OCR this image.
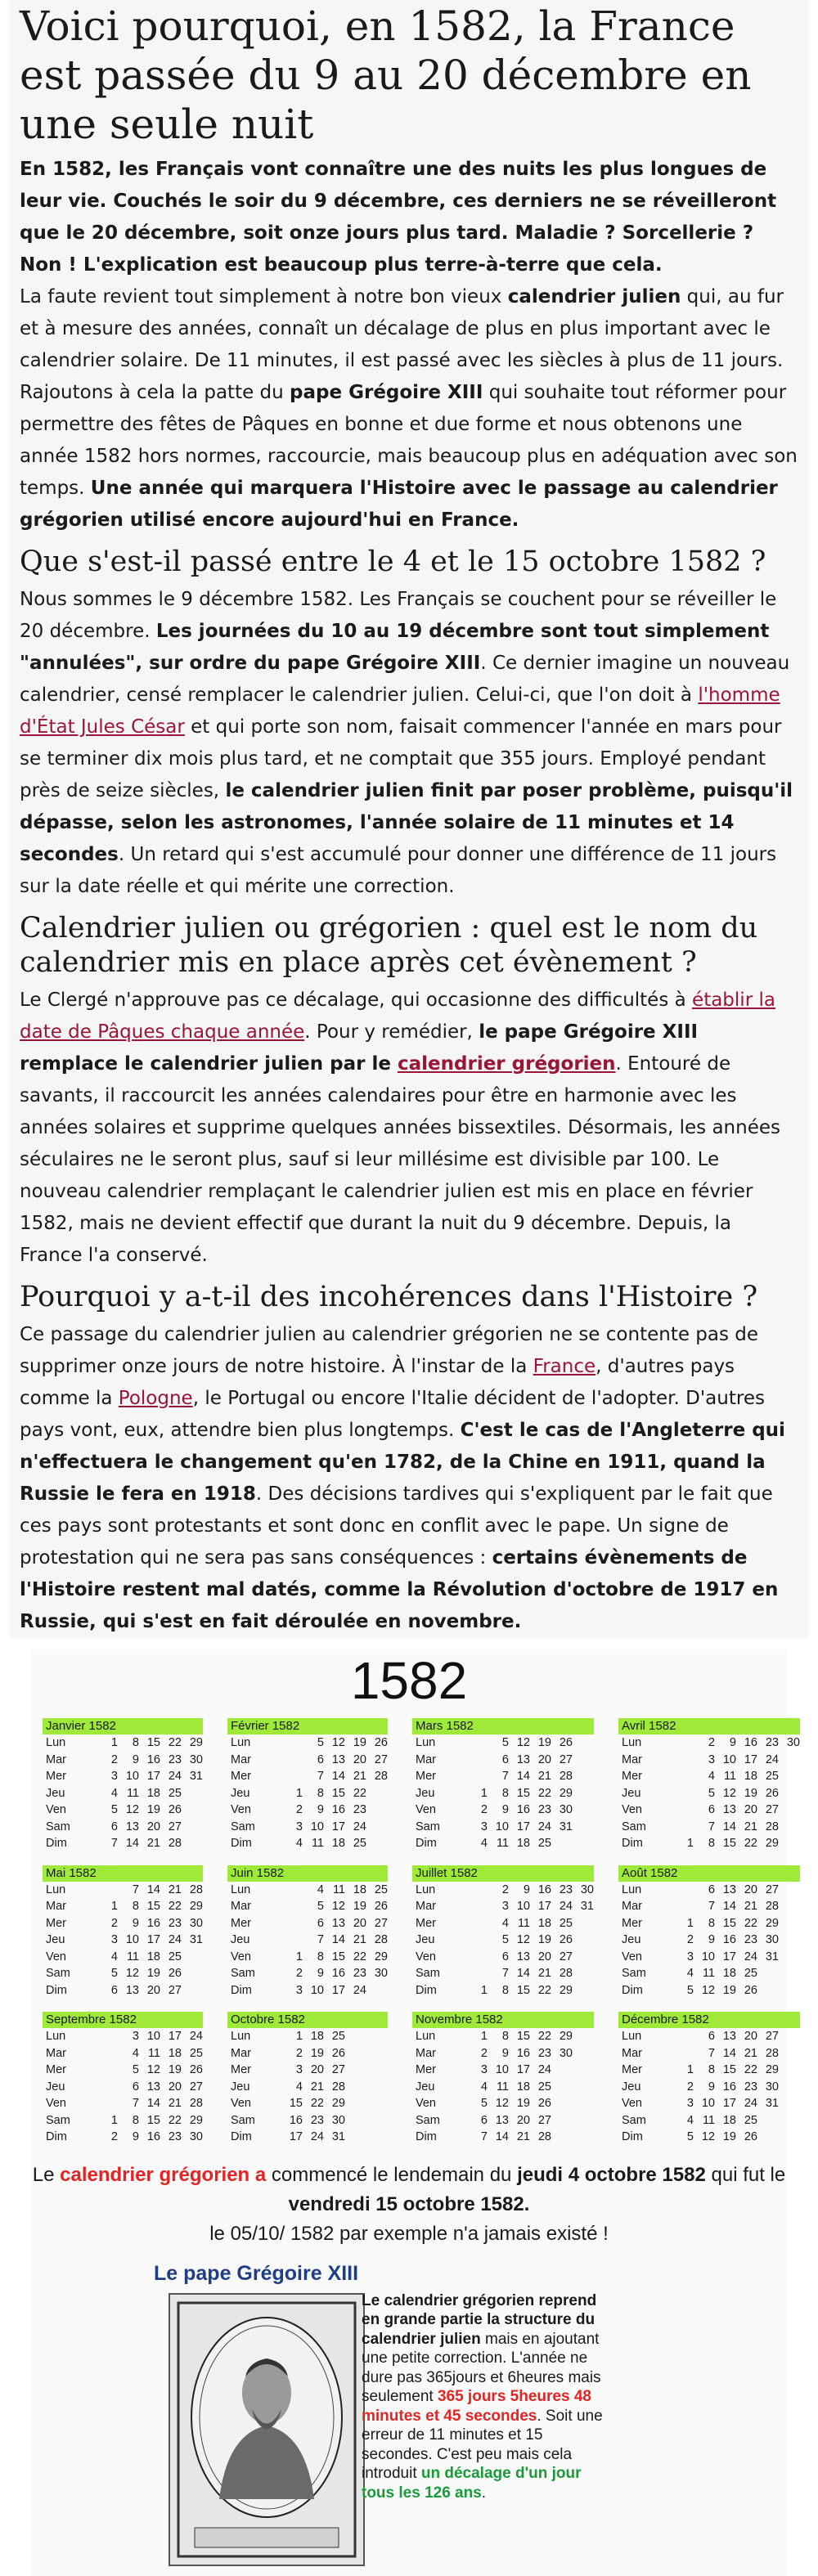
Voici pourquoi, en 1582, la France est passée du 9 au 20 décembre en une seule nuit

En 1582, les Français vont connaître une des nuits les plus longues de leur vie. Couchés le soir du 9 décembre, ces derniers ne se réveilleront que le 20 décembre, soit onze jours plus tard. Maladie ? Sorcellerie ? Non ! L'explication est beaucoup plus terre-à-terre que cela.

La faute revient tout simplement à notre bon vieux calendrier julien qui, au fur et à mesure des années, connaît un décalage de plus en plus important avec le calendrier solaire. De 11 minutes, il est passé avec les siècles à plus de 11 jours. Rajoutons à cela la patte du pape Grégoire XIII qui souhaite tout réformer pour permettre des fêtes de Pâques en bonne et due forme et nous obtenons une année 1582 hors normes, raccourcie, mais beaucoup plus en adéquation avec son temps. Une année qui marquera l'Histoire avec le passage au calendrier grégorien utilisé encore aujourd'hui en France.

Que s'est-il passé entre le 4 et le 15 octobre 1582 ?

Nous sommes le 9 décembre 1582. Les Français se couchent pour se réveiller le 20 décembre. Les journées du 10 au 19 décembre sont tout simplement "annulées", sur ordre du pape Grégoire XIII. Ce dernier imagine un nouveau calendrier, censé remplacer le calendrier julien. Celui-ci, que l'on doit à l'homme d'État Jules César et qui porte son nom, faisait commencer l'année en mars pour se terminer dix mois plus tard, et ne comptait que 355 jours. Employé pendant près de seize siècles, le calendrier julien finit par poser problème, puisqu'il dépasse, selon les astronomes, l'année solaire de 11 minutes et 14 secondes. Un retard qui s'est accumulé pour donner une différence de 11 jours sur la date réelle et qui mérite une correction.

Calendrier julien ou grégorien : quel est le nom du calendrier mis en place après cet évènement ?

Le Clergé n'approuve pas ce décalage, qui occasionne des difficultés à établir la date de Pâques chaque année. Pour y remédier, le pape Grégoire XIII remplace le calendrier julien par le calendrier grégorien. Entouré de savants, il raccourcit les années calendaires pour être en harmonie avec les années solaires et supprime quelques années bissextiles. Désormais, les années séculaires ne le seront plus, sauf si leur millésime est divisible par 100. Le nouveau calendrier remplaçant le calendrier julien est mis en place en février 1582, mais ne devient effectif que durant la nuit du 9 décembre. Depuis, la France l'a conservé.

Pourquoi y a-t-il des incohérences dans l'Histoire ?

Ce passage du calendrier julien au calendrier grégorien ne se contente pas de supprimer onze jours de notre histoire. À l'instar de la France, d'autres pays comme la Pologne, le Portugal ou encore l'Italie décident de l'adopter. D'autres pays vont, eux, attendre bien plus longtemps. C'est le cas de l'Angleterre qui n'effectuera le changement qu'en 1782, de la Chine en 1911, quand la Russie le fera en 1918. Des décisions tardives qui s'expliquent par le fait que ces pays sont protestants et sont donc en conflit avec le pape. Un signe de protestation qui ne sera pas sans conséquences : certains évènements de l'Histoire restent mal datés, comme la Révolution d'octobre de 1917 en Russie, qui s'est en fait déroulée en novembre.

1582
Janvier 1582
Lun	1	8 15 22 29
Mar	2	9 16 23 30
Mer	3 10 17 24 31
Jeu	4 11 18 25
Ven	5 12 19 26
Sam	6 13 20 27
Dim	7 14 21 28
Février 1582
Lun	5 12 19 26
Mar	6 13 20 27
Mer	7 14 21 28
Jeu	1	8 15 22
Ven	2	9 16 23
Sam	3 10 17 24
Dim	4 11 18 25
Mars 1582
Lun	5 12 19 26
Mar	6 13 20 27
Mer	7 14 21 28
Jeu	1	8 15 22 29
Ven	2	9 16 23 30
Sam	3 10 17 24 31
Dim	4 11 18 25
Avril 1582
Lun	2	9 16 23 30
Mar	3 10 17 24
Mer	4 11 18 25
Jeu	5 12 19 26
Ven	6 13 20 27
Sam	7 14 21 28
Dim	1	8 15 22 29
Mai 1582
Lun	7 14 21 28
Mar	1	8 15 22 29
Mer	2	9 16 23 30
Jeu	3 10 17 24 31
Ven	4 11 18 25
Sam	5 12 19 26
Dim	6 13 20 27
Juin 1582
Lun	4 11 18 25
Mar	5 12 19 26
Mer	6 13 20 27
Jeu	7 14 21 28
Ven	1	8 15 22 29
Sam	2	9 16 23 30
Dim	3 10 17 24
Juillet 1582
Lun	2	9 16 23 30
Mar	3 10 17 24 31
Mer	4 11 18 25
Jeu	5 12 19 26
Ven	6 13 20 27
Sam	7 14 21 28
Dim	1	8 15 22 29
Août 1582
Lun	6 13 20 27
Mar	7 14 21 28
Mer	1	8 15 22 29
Jeu	2	9 16 23 30
Ven	3 10 17 24 31
Sam	4 11 18 25
Dim	5 12 19 26
Septembre 1582
Lun	3 10 17 24
Mar	4 11 18 25
Mer	5 12 19 26
Jeu	6 13 20 27
Ven	7 14 21 28
Sam	1	8 15 22 29
Dim	2	9 16 23 30
Octobre 1582
Lun	1 18 25
Mar	2 19 26
Mer	3 20 27
Jeu	4 21 28
Ven	15 22 29
Sam	16 23 30
Dim	17 24 31
Novembre 1582
Lun	1	8 15 22 29
Mar	2	9 16 23 30
Mer	3 10 17 24
Jeu	4 11 18 25
Ven	5 12 19 26
Sam	6 13 20 27
Dim	7 14 21 28
Décembre 1582
Lun	6 13 20 27
Mar	7 14 21 28
Mer	1	8 15 22 29
Jeu	2	9 16 23 30
Ven	3 10 17 24 31
Sam	4 11 18 25
Dim	5 12 19 26
Le calendrier grégorien a commencé le lendemain du jeudi 4 octobre 1582 qui fut le
vendredi 15 octobre 1582.
le 05/10/ 1582 par exemple n'a jamais existé !
Le pape Grégoire XIII
Le calendrier grégorien reprend en grande partie la structure du calendrier julien mais en ajoutant une petite correction. L'année ne dure pas 365jours et 6heures mais seulement 365 jours 5heures 48 minutes et 45 secondes. Soit une erreur de 11 minutes et 15 secondes. C'est peu mais cela introduit un décalage d'un jour tous les 126 ans.
